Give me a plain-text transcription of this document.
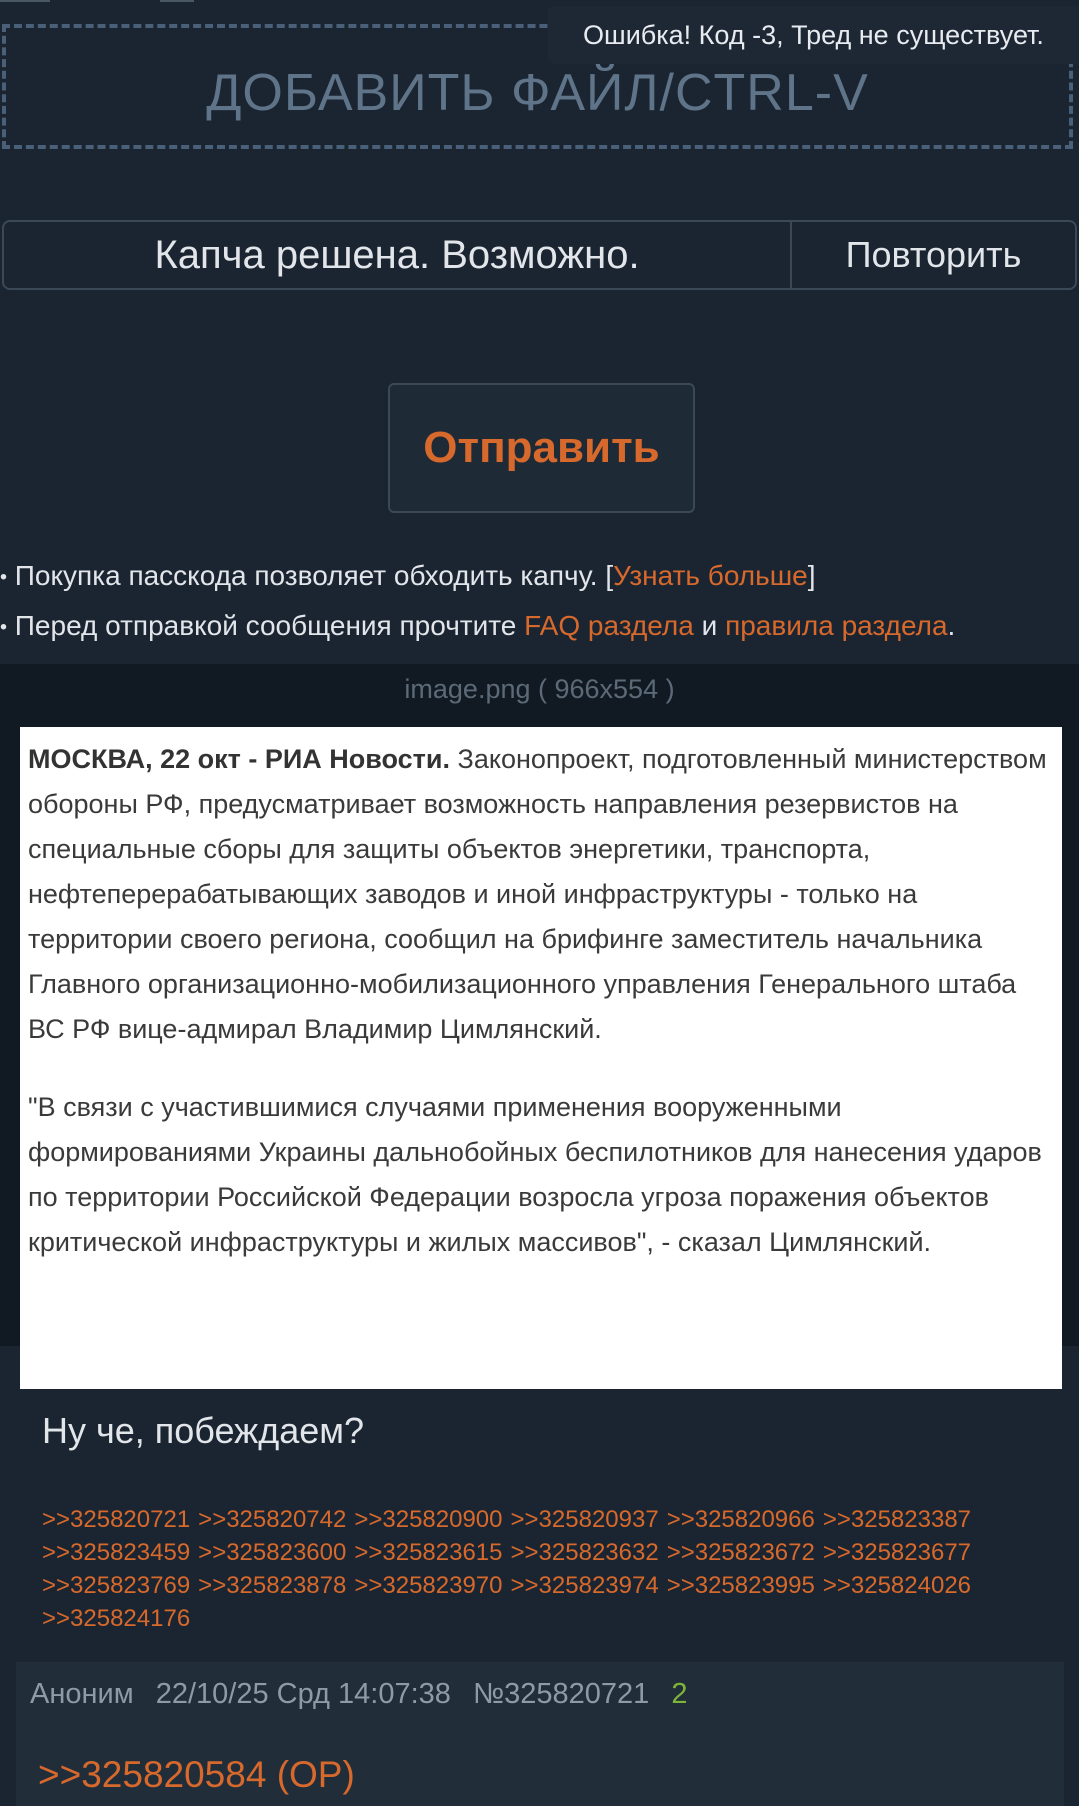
ДОБАВИТЬ ФАЙЛ/CTRL-V
Ошибка! Код -3, Тред не существует.
Капча решена. Возможно.	Повторить
Отправить
• Покупка пасскода позволяет обходить капчу. [Узнать больше]
• Перед отправкой сообщения прочтите FAQ раздела и правила раздела.
image.png ( 966x554 )

МОСКВА, 22 окт - РИА Новости. Законопроект, подготовленный министерством обороны РФ, предусматривает возможность направления резервистов на специальные сборы для защиты объектов энергетики, транспорта, нефтеперерабатывающих заводов и иной инфраструктуры - только на территории своего региона, сообщил на брифинге заместитель начальника Главного организационно-мобилизационного управления Генерального штаба ВС РФ вице-адмирал Владимир Цимлянский.

"В связи с участившимися случаями применения вооруженными формированиями Украины дальнобойных беспилотников для нанесения ударов по территории Российской Федерации возросла угроза поражения объектов критической инфраструктуры и жилых массивов", - сказал Цимлянский.

Ну че, побеждаем?
>>325820721 >>325820742 >>325820900 >>325820937 >>325820966 >>325823387 >>325823459 >>325823600 >>325823615 >>325823632 >>325823672 >>325823677 >>325823769 >>325823878 >>325823970 >>325823974 >>325823995 >>325824026 >>325824176
Аноним 22/10/25 Срд 14:07:38 №325820721 2
>>325820584 (OP)
